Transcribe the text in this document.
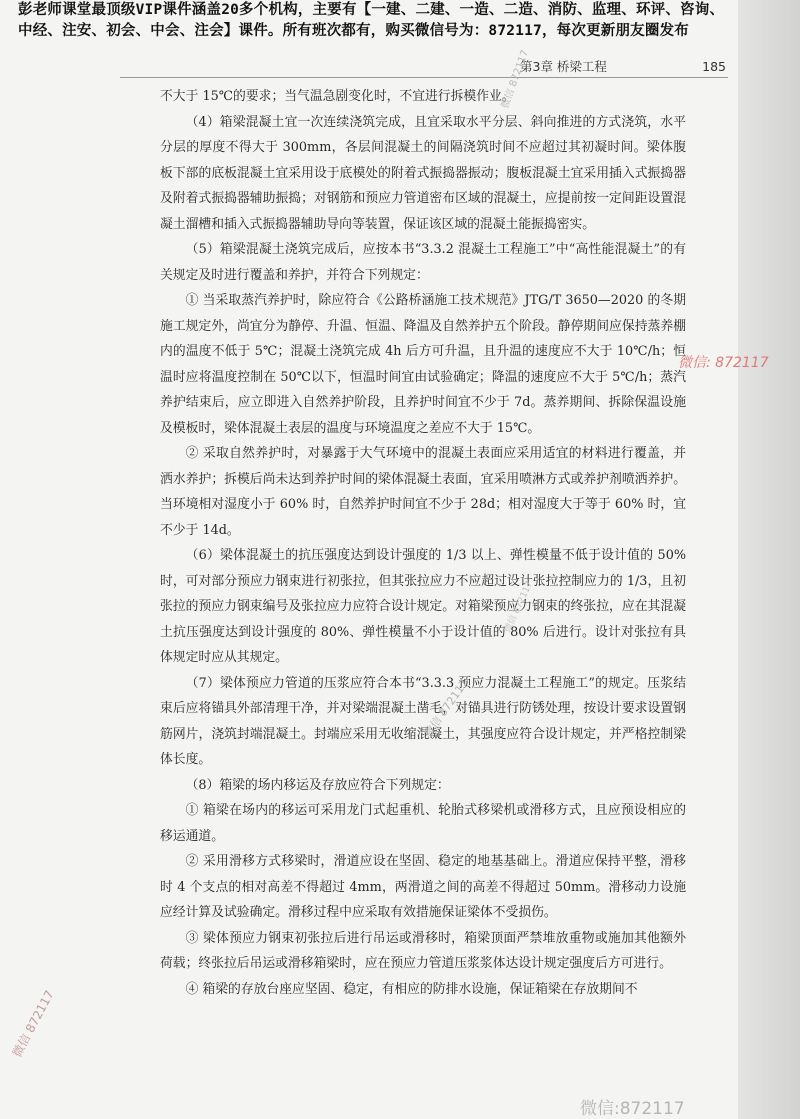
彭老师课堂最顶级VIP课件涵盖20多个机构，主要有【一建、二建、一造、二造、消防、监理、环评、咨询、
中经、注安、初会、中会、注会】课件。所有班次都有，购买微信号为：872117，每次更新朋友圈发布
第3章 桥梁工程	185

不大于 15℃的要求；当气温急剧变化时，不宜进行拆模作业。

（4）箱梁混凝土宜一次连续浇筑完成，且宜采取水平分层、斜向推进的方式浇筑，水平分层的厚度不得大于 300mm，各层间混凝土的间隔浇筑时间不应超过其初凝时间。梁体腹板下部的底板混凝土宜采用设于底模处的附着式振捣器振动；腹板混凝土宜采用插入式振捣器及附着式振捣器辅助振捣；对钢筋和预应力管道密布区域的混凝土，应提前按一定间距设置混凝土溜槽和插入式振捣器辅助导向等装置，保证该区域的混凝土能振捣密实。

（5）箱梁混凝土浇筑完成后，应按本书“3.3.2 混凝土工程施工”中“高性能混凝土”的有关规定及时进行覆盖和养护，并符合下列规定：

① 当采取蒸汽养护时，除应符合《公路桥涵施工技术规范》JTG/T 3650—2020 的冬期施工规定外，尚宜分为静停、升温、恒温、降温及自然养护五个阶段。静停期间应保持蒸养棚内的温度不低于 5℃；混凝土浇筑完成 4h 后方可升温，且升温的速度应不大于 10℃/h；恒温时应将温度控制在 50℃以下，恒温时间宜由试验确定；降温的速度应不大于 5℃/h；蒸汽养护结束后，应立即进入自然养护阶段，且养护时间宜不少于 7d。蒸养期间、拆除保温设施及模板时，梁体混凝土表层的温度与环境温度之差应不大于 15℃。

② 采取自然养护时，对暴露于大气环境中的混凝土表面应采用适宜的材料进行覆盖，并洒水养护；拆模后尚未达到养护时间的梁体混凝土表面，宜采用喷淋方式或养护剂喷洒养护。当环境相对湿度小于 60% 时，自然养护时间宜不少于 28d；相对湿度大于等于 60% 时，宜不少于 14d。

（6）梁体混凝土的抗压强度达到设计强度的 1/3 以上、弹性模量不低于设计值的 50% 时，可对部分预应力钢束进行初张拉，但其张拉应力不应超过设计张拉控制应力的 1/3，且初张拉的预应力钢束编号及张拉应力应符合设计规定。对箱梁预应力钢束的终张拉，应在其混凝土抗压强度达到设计强度的 80%、弹性模量不小于设计值的 80% 后进行。设计对张拉有具体规定时应从其规定。

（7）梁体预应力管道的压浆应符合本书“3.3.3 预应力混凝土工程施工”的规定。压浆结束后应将锚具外部清理干净，并对梁端混凝土凿毛，对锚具进行防锈处理，按设计要求设置钢筋网片，浇筑封端混凝土。封端应采用无收缩混凝土，其强度应符合设计规定，并严格控制梁体长度。

（8）箱梁的场内移运及存放应符合下列规定：

① 箱梁在场内的移运可采用龙门式起重机、轮胎式移梁机或滑移方式，且应预设相应的移运通道。

② 采用滑移方式移梁时，滑道应设在坚固、稳定的地基基础上。滑道应保持平整，滑移时 4 个支点的相对高差不得超过 4mm，两滑道之间的高差不得超过 50mm。滑移动力设施应经计算及试验确定。滑移过程中应采取有效措施保证梁体不受损伤。

③ 梁体预应力钢束初张拉后进行吊运或滑移时，箱梁顶面严禁堆放重物或施加其他额外荷载；终张拉后吊运或滑移箱梁时，应在预应力管道压浆浆体达设计规定强度后方可进行。

④ 箱梁的存放台座应坚固、稳定，有相应的防排水设施，保证箱梁在存放期间不

微信: 872117
微信 872117
微信 872117
微信 872117
微信 872117
微信:872117
